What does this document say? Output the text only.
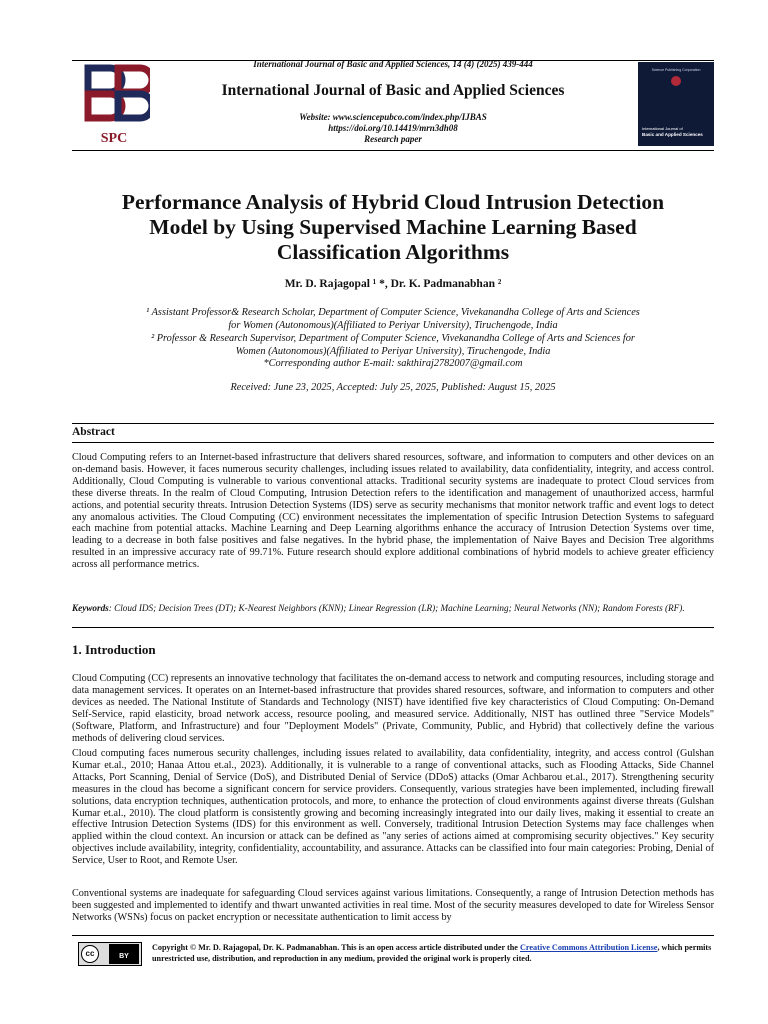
SPC
International Journal of Basic and Applied Sciences, 14 (4) (2025) 439-444
International Journal of Basic and Applied Sciences
Website: www.sciencepubco.com/index.php/IJBAS
https://doi.org/10.14419/mrn3dh08
Research paper
Science Publishing Corporation
International Journal of
Basic and Applied Sciences
Performance Analysis of Hybrid Cloud Intrusion Detection
Model by Using Supervised Machine Learning Based
Classification Algorithms
Mr. D. Rajagopal ¹ *, Dr. K. Padmanabhan ²
¹ Assistant Professor& Research Scholar, Department of Computer Science, Vivekanandha College of Arts and Sciences
for Women (Autonomous)(Affiliated to Periyar University), Tiruchengode, India
² Professor & Research Supervisor, Department of Computer Science, Vivekanandha College of Arts and Sciences for
Women (Autonomous)(Affiliated to Periyar University), Tiruchengode, India
*Corresponding author E-mail: sakthiraj2782007@gmail.com
Received: June 23, 2025, Accepted: July 25, 2025, Published: August 15, 2025
Abstract
Cloud Computing refers to an Internet-based infrastructure that delivers shared resources, software, and information to computers and other devices on an on-demand basis. However, it faces numerous security challenges, including issues related to availability, data confidentiality, integrity, and access control. Additionally, Cloud Computing is vulnerable to various conventional attacks. Traditional security systems are inadequate to protect Cloud services from these diverse threats. In the realm of Cloud Computing, Intrusion Detection refers to the identification and management of unauthorized access, harmful actions, and potential security threats. Intrusion Detection Systems (IDS) serve as security mechanisms that monitor network traffic and event logs to detect any anomalous activities. The Cloud Computing (CC) environment necessitates the implementation of specific Intrusion Detection Systems to safeguard each machine from potential attacks. Machine Learning and Deep Learning algorithms enhance the accuracy of Intrusion Detection Systems over time, leading to a decrease in both false positives and false negatives. In the hybrid phase, the implementation of Naive Bayes and Decision Tree algorithms resulted in an impressive accuracy rate of 99.71%. Future research should explore additional combinations of hybrid models to achieve greater efficiency across all performance metrics.
Keywords: Cloud IDS; Decision Trees (DT); K-Nearest Neighbors (KNN); Linear Regression (LR); Machine Learning; Neural Networks (NN); Random Forests (RF).
1. Introduction
Cloud Computing (CC) represents an innovative technology that facilitates the on-demand access to network and computing resources, including storage and data management services. It operates on an Internet-based infrastructure that provides shared resources, software, and information to computers and other devices as needed. The National Institute of Standards and Technology (NIST) have identified five key characteristics of Cloud Computing: On-Demand Self-Service, rapid elasticity, broad network access, resource pooling, and measured service. Additionally, NIST has outlined three "Service Models" (Software, Platform, and Infrastructure) and four "Deployment Models" (Private, Community, Public, and Hybrid) that collectively define the various methods of delivering cloud services.
Cloud computing faces numerous security challenges, including issues related to availability, data confidentiality, integrity, and access control (Gulshan Kumar et.al., 2010; Hanaa Attou et.al., 2023). Additionally, it is vulnerable to a range of conventional attacks, such as Flooding Attacks, Side Channel Attacks, Port Scanning, Denial of Service (DoS), and Distributed Denial of Service (DDoS) attacks (Omar Achbarou et.al., 2017). Strengthening security measures in the cloud has become a significant concern for service providers. Consequently, various strategies have been implemented, including firewall solutions, data encryption techniques, authentication protocols, and more, to enhance the protection of cloud environments against diverse threats (Gulshan Kumar et.al., 2010). The cloud platform is consistently growing and becoming increasingly integrated into our daily lives, making it essential to create an effective Intrusion Detection Systems (IDS) for this environment as well. Conversely, traditional Intrusion Detection Systems may face challenges when applied within the cloud context. An incursion or attack can be defined as "any series of actions aimed at compromising security objectives." Key security objectives include availability, integrity, confidentiality, accountability, and assurance. Attacks can be classified into four main categories: Probing, Denial of Service, User to Root, and Remote User.
Conventional systems are inadequate for safeguarding Cloud services against various limitations. Consequently, a range of Intrusion Detection methods has been suggested and implemented to identify and thwart unwanted activities in real time. Most of the security measures developed to date for Wireless Sensor Networks (WSNs) focus on packet encryption or necessitate authentication to limit access by
cc	BY
Copyright © Mr. D. Rajagopal, Dr. K. Padmanabhan. This is an open access article distributed under the Creative Commons Attribution License, which permits unrestricted use, distribution, and reproduction in any medium, provided the original work is properly cited.
